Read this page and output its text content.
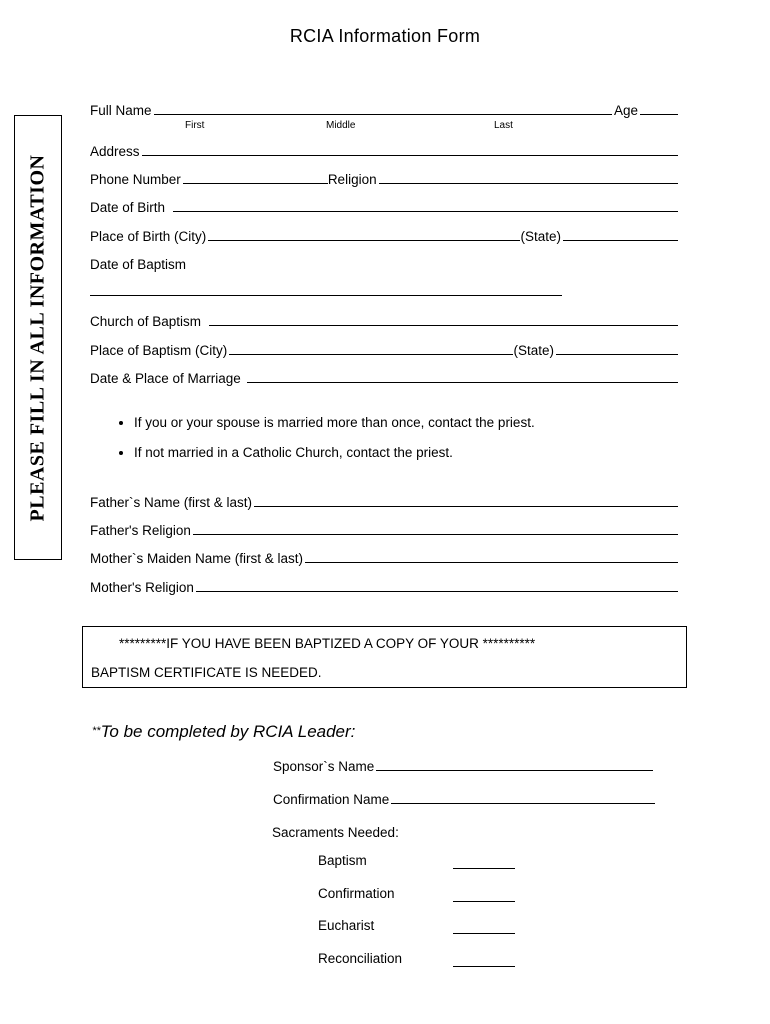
RCIA Information Form
PLEASE FILL IN ALL INFORMATION
Full Name	Age
First	Middle	Last
Address
Phone Number	Religion
Date of Birth
Place of Birth (City)	(State)
Date of Baptism
Church of Baptism
Place of Baptism (City)	(State)
Date & Place of Marriage
• If you or your spouse is married more than once, contact the priest.
• If not married in a Catholic Church, contact the priest.
Father`s Name (first & last)
Father's Religion
Mother`s Maiden Name (first & last)
Mother's Religion
*********IF YOU HAVE BEEN BAPTIZED A COPY OF YOUR **********
BAPTISM CERTIFICATE IS NEEDED.
**To be completed by RCIA Leader:
Sponsor`s Name
Confirmation Name
Sacraments Needed:
Baptism
Confirmation
Eucharist
Reconciliation
